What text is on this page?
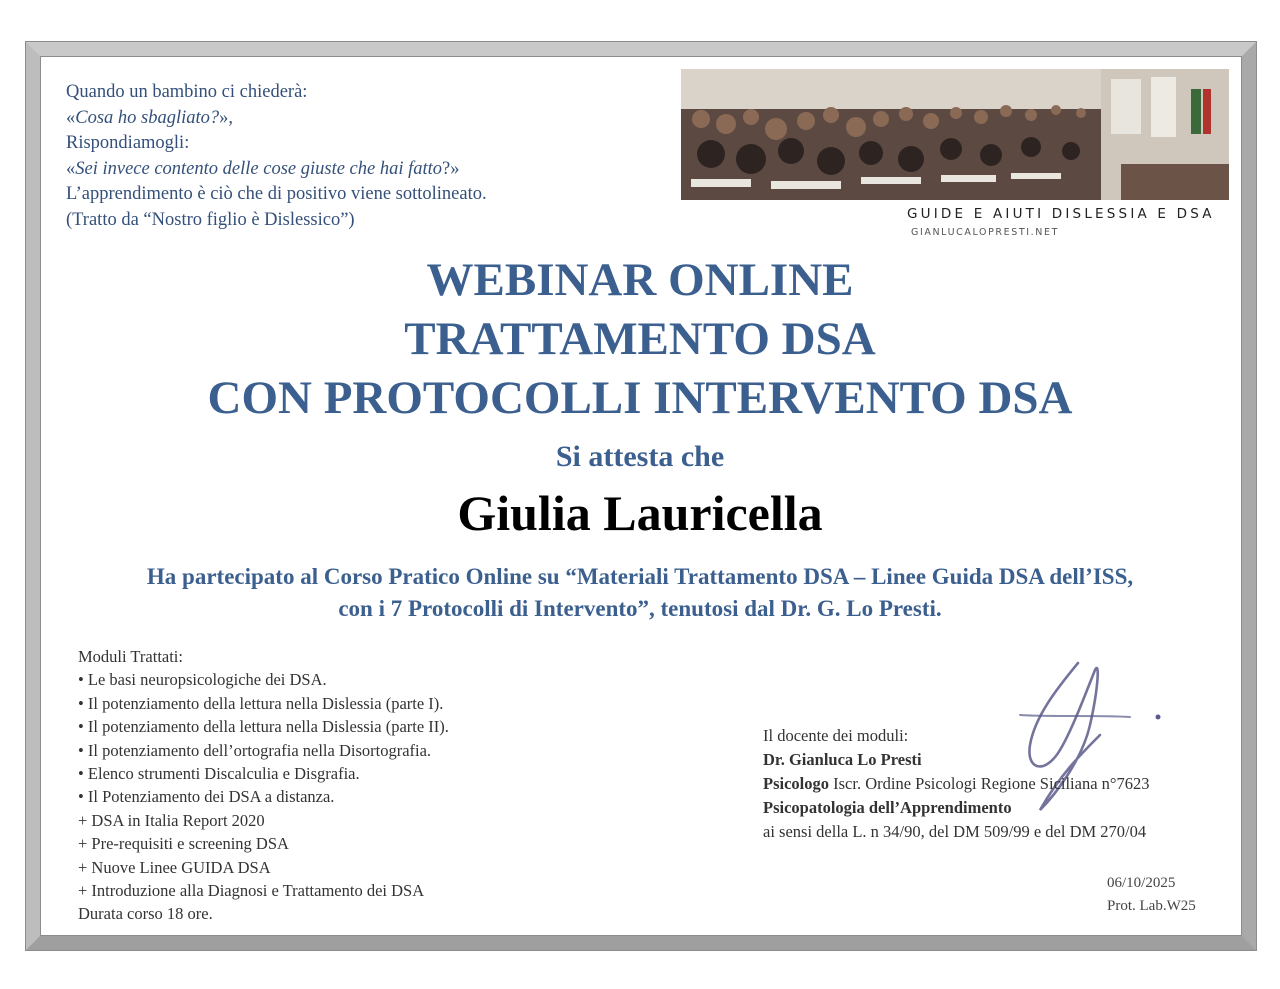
Quando un bambino ci chiederà:
«Cosa ho sbagliato?»,
Rispondiamogli:
«Sei invece contento delle cose giuste che hai fatto?»
L’apprendimento è ciò che di positivo viene sottolineato.
(Tratto da “Nostro figlio è Dislessico”)	GUIDE E AIUTI DISLESSIA E DSA
GIANLUCALOPRESTI.NET
WEBINAR ONLINE
TRATTAMENTO DSA
CON PROTOCOLLI INTERVENTO DSA
Si attesta che
Giulia Lauricella
Ha partecipato al Corso Pratico Online su “Materiali Trattamento DSA – Linee Guida DSA dell’ISS,
con i 7 Protocolli di Intervento”, tenutosi dal Dr. G. Lo Presti.
Moduli Trattati:
• Le basi neuropsicologiche dei DSA.
• Il potenziamento della lettura nella Dislessia (parte I).
• Il potenziamento della lettura nella Dislessia (parte II).
• Il potenziamento dell’ortografia nella Disortografia.
• Elenco strumenti Discalculia e Disgrafia.
• Il Potenziamento dei DSA a distanza.
+ DSA in Italia Report 2020
+ Pre-requisiti e screening DSA
+ Nuove Linee GUIDA DSA
+ Introduzione alla Diagnosi e Trattamento dei DSA
Durata corso 18 ore.
Il docente dei moduli:
Dr. Gianluca Lo Presti
Psicologo Iscr. Ordine Psicologi Regione Siciliana n°7623
Psicopatologia dell’Apprendimento
ai sensi della L. n 34/90, del DM 509/99 e del DM 270/04
06/10/2025
Prot. Lab.W25
